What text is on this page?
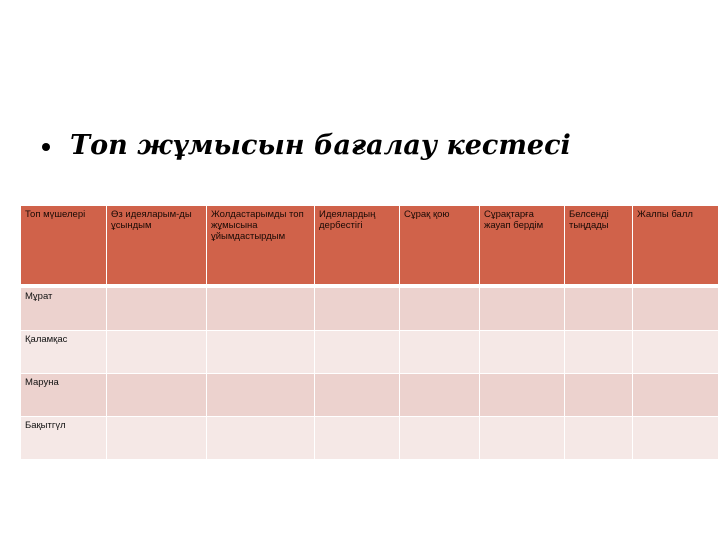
Топ жұмысын бағалау кестесі
Топ мүшелері	Өз идеяларым-ды ұсындым	Жолдастарымды топ жұмысына ұйымдастырдым	Идеялардың дербестігі	Сұрақ қою	Сұрақтарға жауап бердім	Белсенді тыңдады	Жалпы балл
Мұрат							
Қаламқас							
Маруна							
Бақытгүл							
